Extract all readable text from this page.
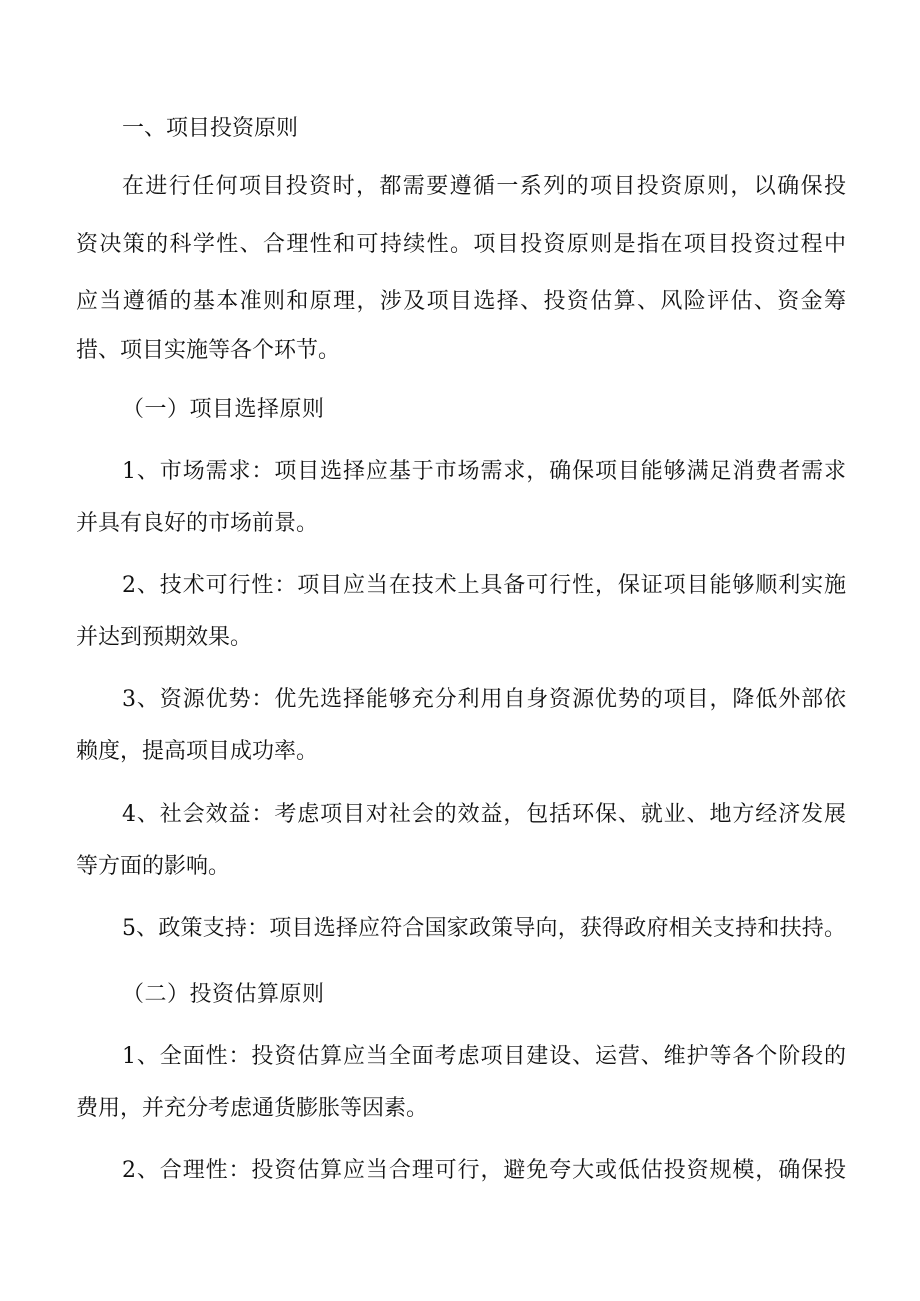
一、项目投资原则
在进行任何项目投资时，都需要遵循一系列的项目投资原则，以确保投
资决策的科学性、合理性和可持续性。项目投资原则是指在项目投资过程中
应当遵循的基本准则和原理，涉及项目选择、投资估算、风险评估、资金筹
措、项目实施等各个环节。
（一）项目选择原则
1、市场需求：项目选择应基于市场需求，确保项目能够满足消费者需求
并具有良好的市场前景。
2、技术可行性：项目应当在技术上具备可行性，保证项目能够顺利实施
并达到预期效果。
3、资源优势：优先选择能够充分利用自身资源优势的项目，降低外部依
赖度，提高项目成功率。
4、社会效益：考虑项目对社会的效益，包括环保、就业、地方经济发展
等方面的影响。
5、政策支持：项目选择应符合国家政策导向，获得政府相关支持和扶持。
（二）投资估算原则
1、全面性：投资估算应当全面考虑项目建设、运营、维护等各个阶段的
费用，并充分考虑通货膨胀等因素。
2、合理性：投资估算应当合理可行，避免夸大或低估投资规模，确保投
